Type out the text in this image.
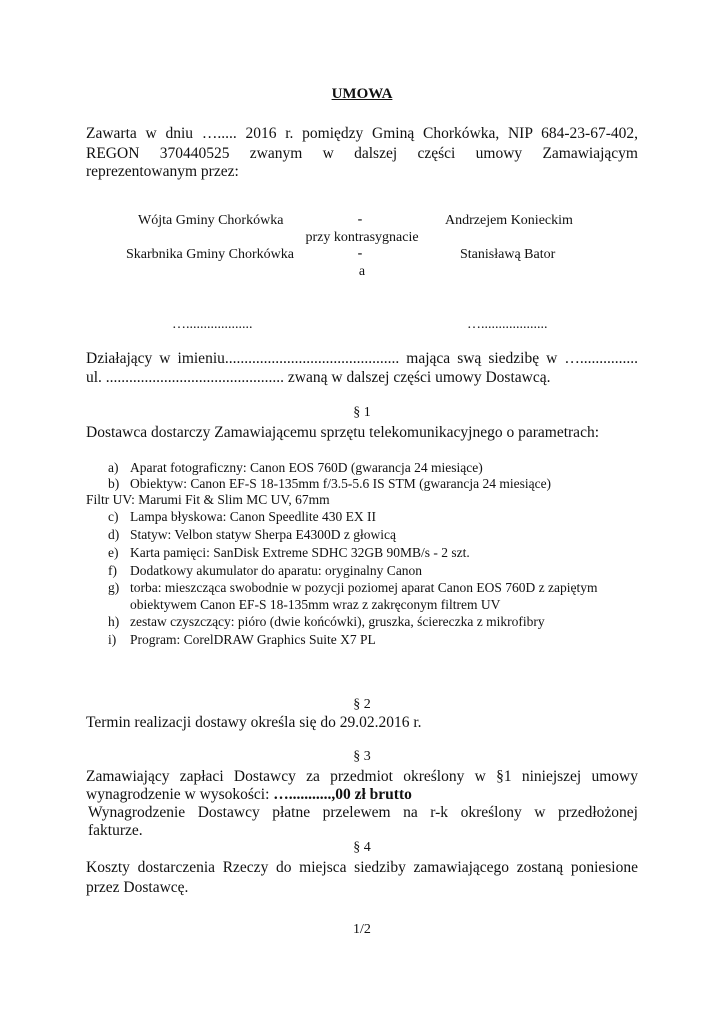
UMOWA
Zawarta w dniu …..... 2016 r. pomiędzy Gminą Chorkówka, NIP 684-23-67-402,
REGON 370440525 zwanym w dalszej części umowy Zamawiającym
reprezentowanym przez:
Wójta Gminy Chorkówka	-	Andrzejem Konieckim
przy kontrasygnacie
Skarbnika Gminy Chorkówka	-	Stanisławą Bator
a
…...................	…...................
Działający w imieniu............................................. mająca swą siedzibę w …...............
ul. .............................................. zwaną w dalszej części umowy Dostawcą.
§ 1
Dostawca dostarczy Zamawiającemu sprzętu telekomunikacyjnego o parametrach:
a) Aparat fotograficzny: Canon EOS 760D (gwarancja 24 miesiące)
b) Obiektyw: Canon EF-S 18-135mm f/3.5-5.6 IS STM (gwarancja 24 miesiące)
Filtr UV: Marumi Fit & Slim MC UV, 67mm
c) Lampa błyskowa: Canon Speedlite 430 EX II
d) Statyw: Velbon statyw Sherpa E4300D z głowicą
e) Karta pamięci: SanDisk Extreme SDHC 32GB 90MB/s - 2 szt.
f) Dodatkowy akumulator do aparatu: oryginalny Canon
g) torba: mieszcząca swobodnie w pozycji poziomej aparat Canon EOS 760D z zapiętym
obiektywem Canon EF-S 18-135mm wraz z zakręconym filtrem UV
h) zestaw czyszczący: pióro (dwie końcówki), gruszka, ściereczka z mikrofibry
i) Program: CorelDRAW Graphics Suite X7 PL
§ 2
Termin realizacji dostawy określa się do 29.02.2016 r.
§ 3
Zamawiający zapłaci Dostawcy za przedmiot określony w §1 niniejszej umowy
wynagrodzenie w wysokości: …...........,00 zł brutto
Wynagrodzenie Dostawcy płatne przelewem na r-k określony w przedłożonej
fakturze.
§ 4
Koszty dostarczenia Rzeczy do miejsca siedziby zamawiającego zostaną poniesione
przez Dostawcę.
1/2
